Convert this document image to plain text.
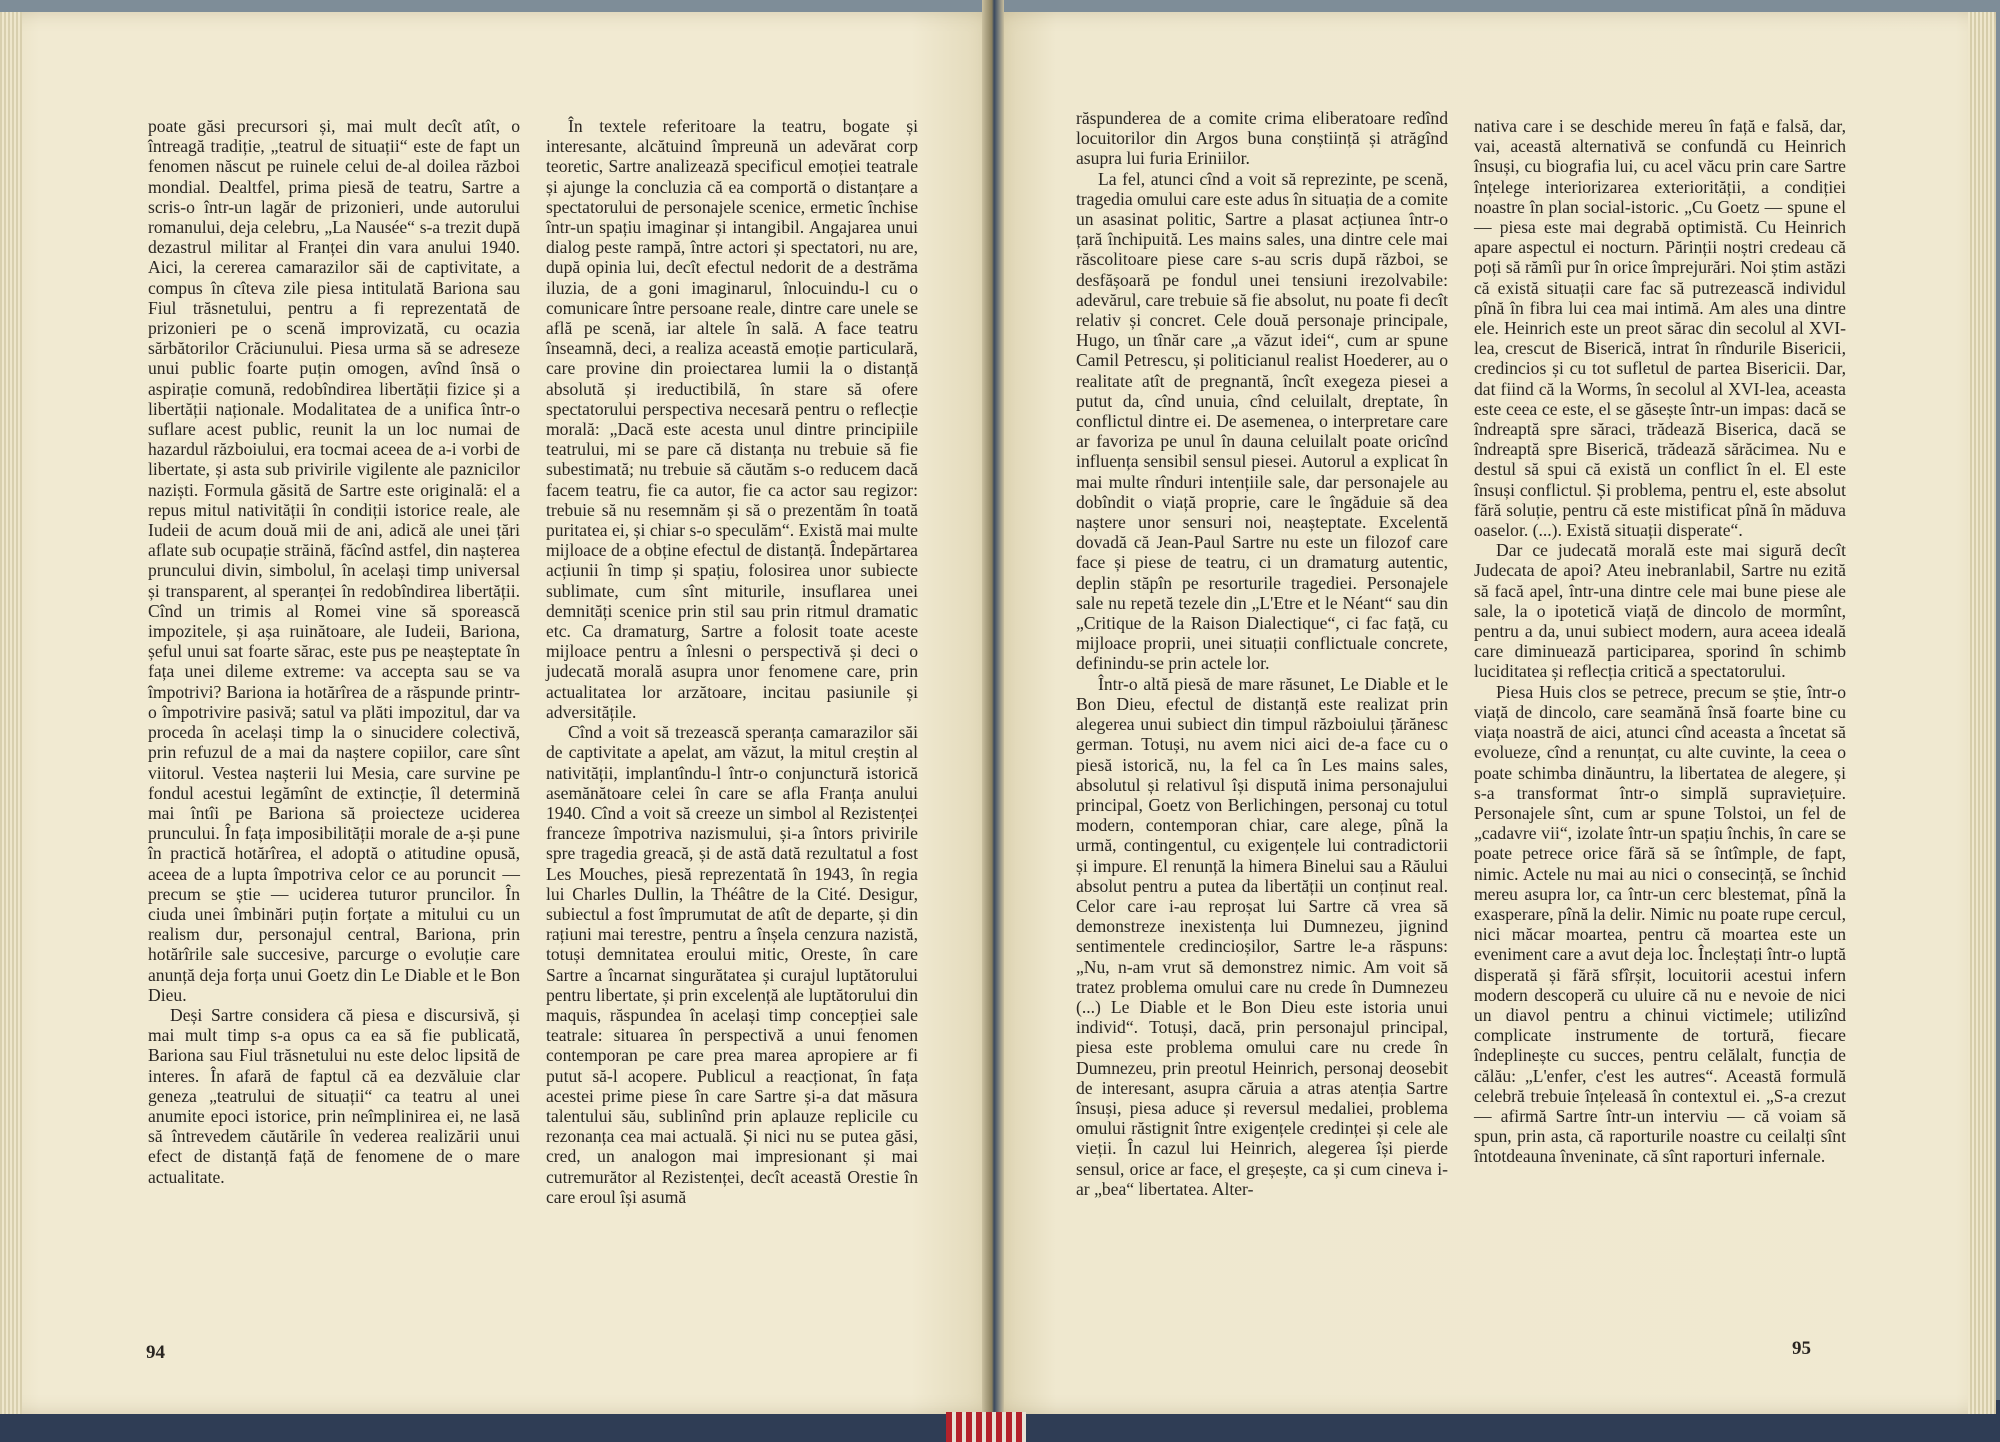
poate găsi precursori și, mai mult decît atît, o întreagă tradiție, „teatrul de situații“ este de fapt un fenomen născut pe ruinele celui de-al doilea război mondial. Dealtfel, prima piesă de teatru, Sartre a scris-o într-un lagăr de prizonieri, unde autorului romanului, deja celebru, „La Nausée“ s-a trezit după dezastrul militar al Franței din vara anului 1940. Aici, la cererea camarazilor săi de captivitate, a compus în cîteva zile piesa intitulată Bariona sau Fiul trăsnetului, pentru a fi reprezentată de prizonieri pe o scenă improvizată, cu ocazia sărbătorilor Crăciunului. Piesa urma să se adreseze unui public foarte puțin omogen, avînd însă o aspirație comună, redobîndirea libertății fizice și a libertății naționale. Modalitatea de a unifica într-o suflare acest public, reunit la un loc numai de hazardul războiului, era tocmai aceea de a-i vorbi de libertate, și asta sub privirile vigilente ale paznicilor naziști. Formula găsită de Sartre este originală: el a repus mitul nativității în condiții istorice reale, ale Iudeii de acum două mii de ani, adică ale unei țări aflate sub ocupație străină, făcînd astfel, din nașterea pruncului divin, simbolul, în același timp universal și transparent, al speranței în redobîndirea libertății. Cînd un trimis al Romei vine să sporească impozitele, și așa ruinătoare, ale Iudeii, Bariona, șeful unui sat foarte sărac, este pus pe neașteptate în fața unei dileme extreme: va accepta sau se va împotrivi? Bariona ia hotărîrea de a răspunde printr-o împotrivire pasivă; satul va plăti impozitul, dar va proceda în același timp la o sinucidere colectivă, prin refuzul de a mai da naștere copiilor, care sînt viitorul. Vestea nașterii lui Mesia, care survine pe fondul acestui legămînt de extincție, îl determină mai întîi pe Bariona să proiecteze uciderea pruncului. În fața imposibilității morale de a-și pune în practică hotărîrea, el adoptă o atitudine opusă, aceea de a lupta împotriva celor ce au poruncit — precum se știe — uciderea tuturor pruncilor. În ciuda unei îmbinări puțin forțate a mitului cu un realism dur, personajul central, Bariona, prin hotărîrile sale succesive, parcurge o evoluție care anunță deja forța unui Goetz din Le Diable et le Bon Dieu.

Deși Sartre considera că piesa e discursivă, și mai mult timp s-a opus ca ea să fie publicată, Bariona sau Fiul trăsnetului nu este deloc lipsită de interes. În afară de faptul că ea dezvăluie clar geneza „teatrului de situații“ ca teatru al unei anumite epoci istorice, prin neîmplinirea ei, ne lasă să întrevedem căutările în vederea realizării unui efect de distanță față de fenomene de o mare actualitate.

În textele referitoare la teatru, bogate și interesante, alcătuind împreună un adevărat corp teoretic, Sartre analizează specificul emoției teatrale și ajunge la concluzia că ea comportă o distanțare a spectatorului de personajele scenice, ermetic închise într-un spațiu imaginar și intangibil. Angajarea unui dialog peste rampă, între actori și spectatori, nu are, după opinia lui, decît efectul nedorit de a destrăma iluzia, de a goni imaginarul, înlocuindu-l cu o comunicare între persoane reale, dintre care unele se află pe scenă, iar altele în sală. A face teatru înseamnă, deci, a realiza această emoție particulară, care provine din proiectarea lumii la o distanță absolută și ireductibilă, în stare să ofere spectatorului perspectiva necesară pentru o reflecție morală: „Dacă este acesta unul dintre principiile teatrului, mi se pare că distanța nu trebuie să fie subestimată; nu trebuie să căutăm s-o reducem dacă facem teatru, fie ca autor, fie ca actor sau regizor: trebuie să nu resemnăm și să o prezentăm în toată puritatea ei, și chiar s-o speculăm“. Există mai multe mijloace de a obține efectul de distanță. Îndepărtarea acțiunii în timp și spațiu, folosirea unor subiecte sublimate, cum sînt miturile, insuflarea unei demnități scenice prin stil sau prin ritmul dramatic etc. Ca dramaturg, Sartre a folosit toate aceste mijloace pentru a înlesni o perspectivă și deci o judecată morală asupra unor fenomene care, prin actualitatea lor arzătoare, incitau pasiunile și adversitățile.

Cînd a voit să trezească speranța camarazilor săi de captivitate a apelat, am văzut, la mitul creștin al nativității, implantîndu-l într-o conjunctură istorică asemănătoare celei în care se afla Franța anului 1940. Cînd a voit să creeze un simbol al Rezistenței franceze împotriva nazismului, și-a întors privirile spre tragedia greacă, și de astă dată rezultatul a fost Les Mouches, piesă reprezentată în 1943, în regia lui Charles Dullin, la Théâtre de la Cité. Desigur, subiectul a fost împrumutat de atît de departe, și din rațiuni mai terestre, pentru a înșela cenzura nazistă, totuși demnitatea eroului mitic, Oreste, în care Sartre a încarnat singurătatea și curajul luptătorului pentru libertate, și prin excelență ale luptătorului din maquis, răspundea în același timp concepției sale teatrale: situarea în perspectivă a unui fenomen contemporan pe care prea marea apropiere ar fi putut să-l acopere. Publicul a reacționat, în fața acestei prime piese în care Sartre și-a dat măsura talentului său, sublinînd prin aplauze replicile cu rezonanța cea mai actuală. Și nici nu se putea găsi, cred, un analogon mai impresionant și mai cutremurător al Rezistenței, decît această Orestie în care eroul își asumă

94

răspunderea de a comite crima eliberatoare redînd locuitorilor din Argos buna conștiință și atrăgînd asupra lui furia Eriniilor.

La fel, atunci cînd a voit să reprezinte, pe scenă, tragedia omului care este adus în situația de a comite un asasinat politic, Sartre a plasat acțiunea într-o țară închipuită. Les mains sales, una dintre cele mai răscolitoare piese care s-au scris după război, se desfășoară pe fondul unei tensiuni irezolvabile: adevărul, care trebuie să fie absolut, nu poate fi decît relativ și concret. Cele două personaje principale, Hugo, un tînăr care „a văzut idei“, cum ar spune Camil Petrescu, și politicianul realist Hoederer, au o realitate atît de pregnantă, încît exegeza piesei a putut da, cînd unuia, cînd celuilalt, dreptate, în conflictul dintre ei. De asemenea, o interpretare care ar favoriza pe unul în dauna celuilalt poate oricînd influența sensibil sensul piesei. Autorul a explicat în mai multe rînduri intențiile sale, dar personajele au dobîndit o viață proprie, care le îngăduie să dea naștere unor sensuri noi, neașteptate. Excelentă dovadă că Jean-Paul Sartre nu este un filozof care face și piese de teatru, ci un dramaturg autentic, deplin stăpîn pe resorturile tragediei. Personajele sale nu repetă tezele din „L'Etre et le Néant“ sau din „Critique de la Raison Dialectique“, ci fac față, cu mijloace proprii, unei situații conflictuale concrete, definindu-se prin actele lor.

Într-o altă piesă de mare răsunet, Le Diable et le Bon Dieu, efectul de distanță este realizat prin alegerea unui subiect din timpul războiului țărănesc german. Totuși, nu avem nici aici de-a face cu o piesă istorică, nu, la fel ca în Les mains sales, absolutul și relativul își dispută inima personajului principal, Goetz von Berlichingen, personaj cu totul modern, contemporan chiar, care alege, pînă la urmă, contingentul, cu exigențele lui contradictorii și impure. El renunță la himera Binelui sau a Răului absolut pentru a putea da libertății un conținut real. Celor care i-au reproșat lui Sartre că vrea să demonstreze inexistența lui Dumnezeu, jignind sentimentele credincioșilor, Sartre le-a răspuns: „Nu, n-am vrut să demonstrez nimic. Am voit să tratez problema omului care nu crede în Dumnezeu (...) Le Diable et le Bon Dieu este istoria unui individ“. Totuși, dacă, prin personajul principal, piesa este problema omului care nu crede în Dumnezeu, prin preotul Heinrich, personaj deosebit de interesant, asupra căruia a atras atenția Sartre însuși, piesa aduce și reversul medaliei, problema omului răstignit între exigențele credinței și cele ale vieții. În cazul lui Heinrich, alegerea își pierde sensul, orice ar face, el greșește, ca și cum cineva i-ar „bea“ libertatea. Alter-

nativa care i se deschide mereu în față e falsă, dar, vai, această alternativă se confundă cu Heinrich însuși, cu biografia lui, cu acel văcu prin care Sartre înțelege interiorizarea exteriorității, a condiției noastre în plan social-istoric. „Cu Goetz — spune el — piesa este mai degrabă optimistă. Cu Heinrich apare aspectul ei nocturn. Părinții noștri credeau că poți să rămîi pur în orice împrejurări. Noi știm astăzi că există situații care fac să putrezească individul pînă în fibra lui cea mai intimă. Am ales una dintre ele. Heinrich este un preot sărac din secolul al XVI-lea, crescut de Biserică, intrat în rîndurile Bisericii, credincios și cu tot sufletul de partea Bisericii. Dar, dat fiind că la Worms, în secolul al XVI-lea, aceasta este ceea ce este, el se găsește într-un impas: dacă se îndreaptă spre săraci, trădează Biserica, dacă se îndreaptă spre Biserică, trădează sărăcimea. Nu e destul să spui că există un conflict în el. El este însuși conflictul. Și problema, pentru el, este absolut fără soluție, pentru că este mistificat pînă în măduva oaselor. (...). Există situații disperate“.

Dar ce judecată morală este mai sigură decît Judecata de apoi? Ateu inebranlabil, Sartre nu ezită să facă apel, într-una dintre cele mai bune piese ale sale, la o ipotetică viață de dincolo de mormînt, pentru a da, unui subiect modern, aura aceea ideală care diminuează participarea, sporind în schimb luciditatea și reflecția critică a spectatorului.

Piesa Huis clos se petrece, precum se știe, într-o viață de dincolo, care seamănă însă foarte bine cu viața noastră de aici, atunci cînd aceasta a încetat să evolueze, cînd a renunțat, cu alte cuvinte, la ceea o poate schimba dinăuntru, la libertatea de alegere, și s-a transformat într-o simplă supraviețuire. Personajele sînt, cum ar spune Tolstoi, un fel de „cadavre vii“, izolate într-un spațiu închis, în care se poate petrece orice fără să se întîmple, de fapt, nimic. Actele nu mai au nici o consecință, se închid mereu asupra lor, ca într-un cerc blestemat, pînă la exasperare, pînă la delir. Nimic nu poate rupe cercul, nici măcar moartea, pentru că moartea este un eveniment care a avut deja loc. Încleștați într-o luptă disperată și fără sfîrșit, locuitorii acestui infern modern descoperă cu uluire că nu e nevoie de nici un diavol pentru a chinui victimele; utilizînd complicate instrumente de tortură, fiecare îndeplinește cu succes, pentru celălalt, funcția de călău: „L'enfer, c'est les autres“. Această formulă celebră trebuie înțeleasă în contextul ei. „S-a crezut — afirmă Sartre într-un interviu — că voiam să spun, prin asta, că raporturile noastre cu ceilalți sînt întotdeauna înveninate, că sînt raporturi infernale.

95
